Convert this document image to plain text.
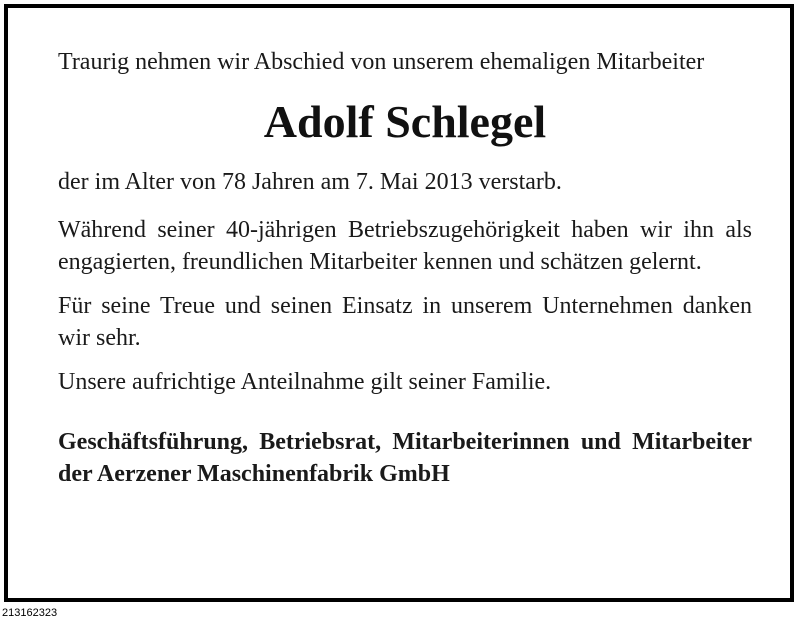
Traurig nehmen wir Abschied von unserem ehemaligen Mitarbeiter

Adolf Schlegel

der im Alter von 78 Jahren am 7. Mai 2013 verstarb.

Während seiner 40-jährigen Betriebszugehörigkeit haben wir ihn als engagierten, freundlichen Mitarbeiter kennen und schätzen gelernt.

Für seine Treue und seinen Einsatz in unserem Unternehmen danken wir sehr.

Unsere aufrichtige Anteilnahme gilt seiner Familie.

Geschäftsführung, Betriebsrat, Mitarbeiterinnen und Mitarbeiter der Aerzener Maschinenfabrik GmbH

213162323
